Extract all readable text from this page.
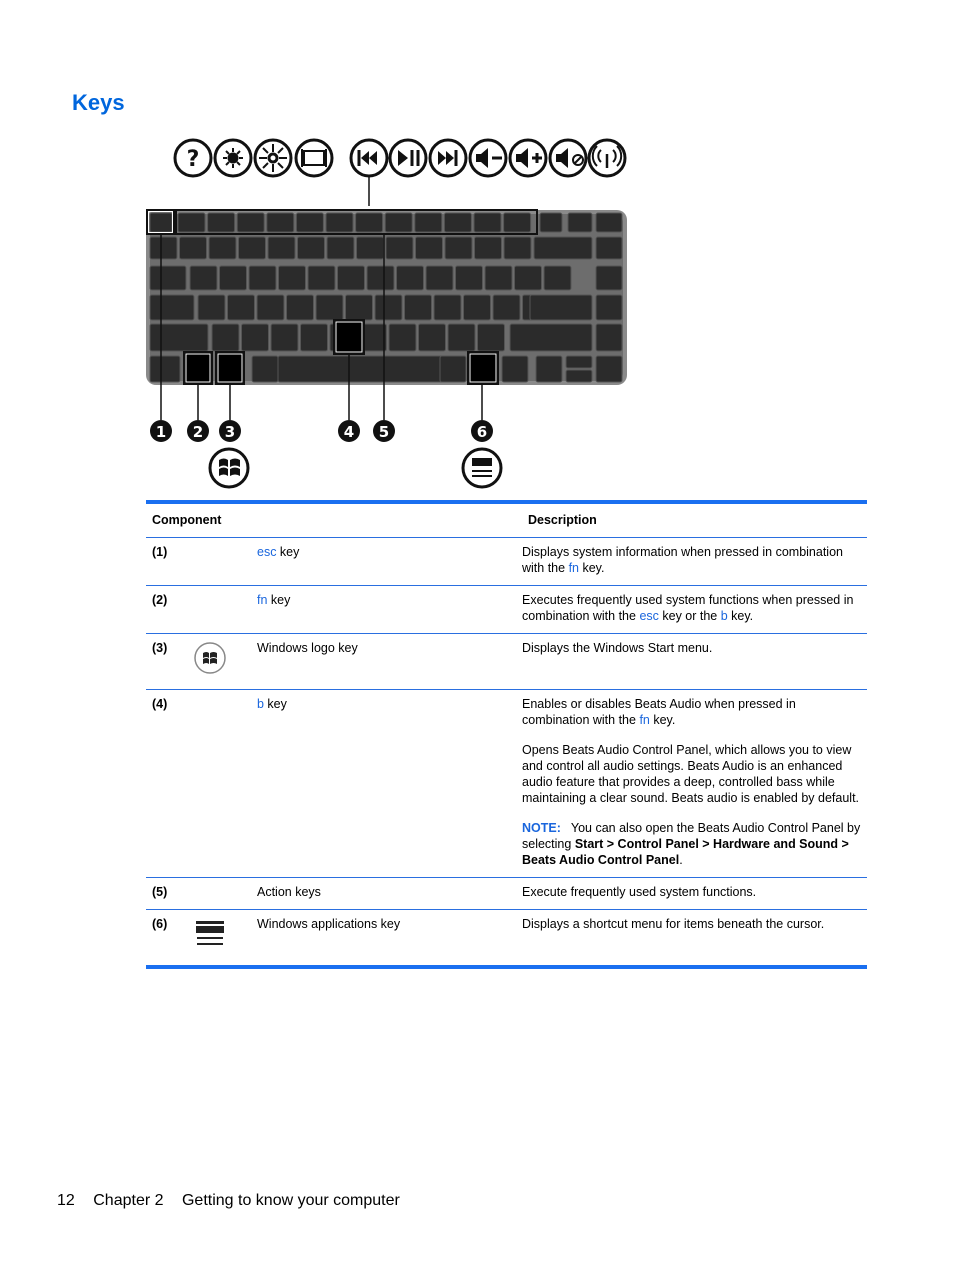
Keys
?
1 2 3	4 5	6
Component	Description
(1)	esc key	Displays system information when pressed in combination with the fn key.
(2)	fn key	Executes frequently used system functions when pressed in combination with the esc key or the b key.
(3)	Windows logo key	Displays the Windows Start menu.
(4)	b key	Enables or disables Beats Audio when pressed in combination with the fn key.

Opens Beats Audio Control Panel, which allows you to view and control all audio settings. Beats Audio is an enhanced audio feature that provides a deep, controlled bass while maintaining a clear sound. Beats audio is enabled by default.

NOTE: You can also open the Beats Audio Control Panel by selecting Start > Control Panel > Hardware and Sound > Beats Audio Control Panel.

(5)	Action keys	Execute frequently used system functions.
(6)	Windows applications key	Displays a shortcut menu for items beneath the cursor.
12 Chapter 2 Getting to know your computer
